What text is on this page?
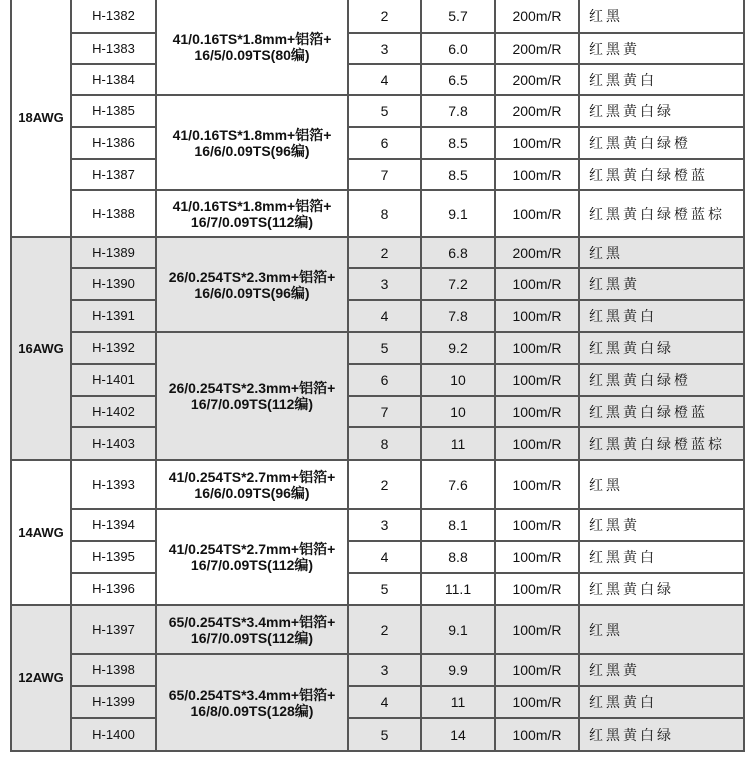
18AWG	H-1382	41/0.16TS*1.8mm+铝箔+
16/5/0.09TS(80编)	2	5.7	200m/R	红黑
	H-1383		3	6.0	200m/R	红黑黄
	H-1384		4	6.5	200m/R	红黑黄白
	H-1385	41/0.16TS*1.8mm+铝箔+
16/6/0.09TS(96编)	5	7.8	200m/R	红黑黄白绿
	H-1386		6	8.5	100m/R	红黑黄白绿橙
	H-1387		7	8.5	100m/R	红黑黄白绿橙蓝
	H-1388	41/0.16TS*1.8mm+铝箔+
16/7/0.09TS(112编)	8	9.1	100m/R	红黑黄白绿橙蓝棕
16AWG	H-1389	26/0.254TS*2.3mm+铝箔+
16/6/0.09TS(96编)	2	6.8	200m/R	红黑
	H-1390		3	7.2	100m/R	红黑黄
	H-1391		4	7.8	100m/R	红黑黄白
	H-1392	26/0.254TS*2.3mm+铝箔+
16/7/0.09TS(112编)	5	9.2	100m/R	红黑黄白绿
	H-1401		6	10	100m/R	红黑黄白绿橙
	H-1402		7	10	100m/R	红黑黄白绿橙蓝
	H-1403		8	11	100m/R	红黑黄白绿橙蓝棕
14AWG	H-1393	41/0.254TS*2.7mm+铝箔+
16/6/0.09TS(96编)	2	7.6	100m/R	红黑
	H-1394	41/0.254TS*2.7mm+铝箔+
16/7/0.09TS(112编)	3	8.1	100m/R	红黑黄
	H-1395		4	8.8	100m/R	红黑黄白
	H-1396		5	11.1	100m/R	红黑黄白绿
12AWG	H-1397	65/0.254TS*3.4mm+铝箔+
16/7/0.09TS(112编)	2	9.1	100m/R	红黑
	H-1398	65/0.254TS*3.4mm+铝箔+
16/8/0.09TS(128编)	3	9.9	100m/R	红黑黄
	H-1399		4	11	100m/R	红黑黄白
	H-1400		5	14	100m/R	红黑黄白绿
